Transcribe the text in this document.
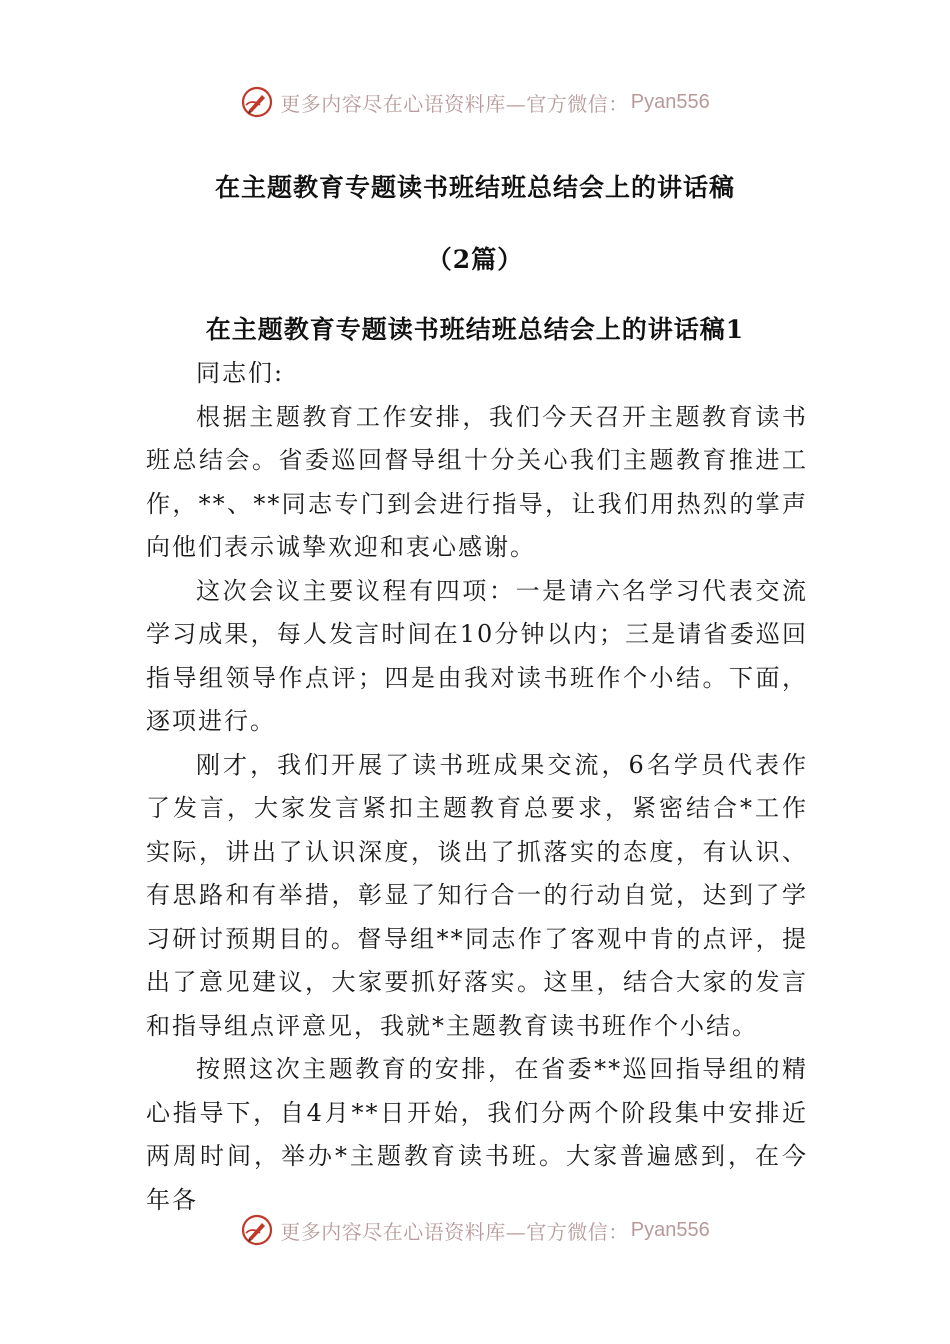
更多内容尽在心语资料库—官方微信： Pyan556
在主题教育专题读书班结班总结会上的讲话稿
（2篇）
在主题教育专题读书班结班总结会上的讲话稿1

同志们:

根据主题教育工作安排，我们今天召开主题教育读书班总结会。省委巡回督导组十分关心我们主题教育推进工作，**、**同志专门到会进行指导，让我们用热烈的掌声向他们表示诚挚欢迎和衷心感谢。

这次会议主要议程有四项：一是请六名学习代表交流学习成果，每人发言时间在10分钟以内；三是请省委巡回指导组领导作点评；四是由我对读书班作个小结。下面，逐项进行。

刚才，我们开展了读书班成果交流，6名学员代表作了发言，大家发言紧扣主题教育总要求，紧密结合*工作实际，讲出了认识深度，谈出了抓落实的态度，有认识、有思路和有举措，彰显了知行合一的行动自觉，达到了学习研讨预期目的。督导组**同志作了客观中肯的点评，提出了意见建议，大家要抓好落实。这里，结合大家的发言和指导组点评意见，我就*主题教育读书班作个小结。

按照这次主题教育的安排，在省委**巡回指导组的精心指导下，自4月**日开始，我们分两个阶段集中安排近两周时间，举办*主题教育读书班。大家普遍感到，在今年各

更多内容尽在心语资料库—官方微信： Pyan556
